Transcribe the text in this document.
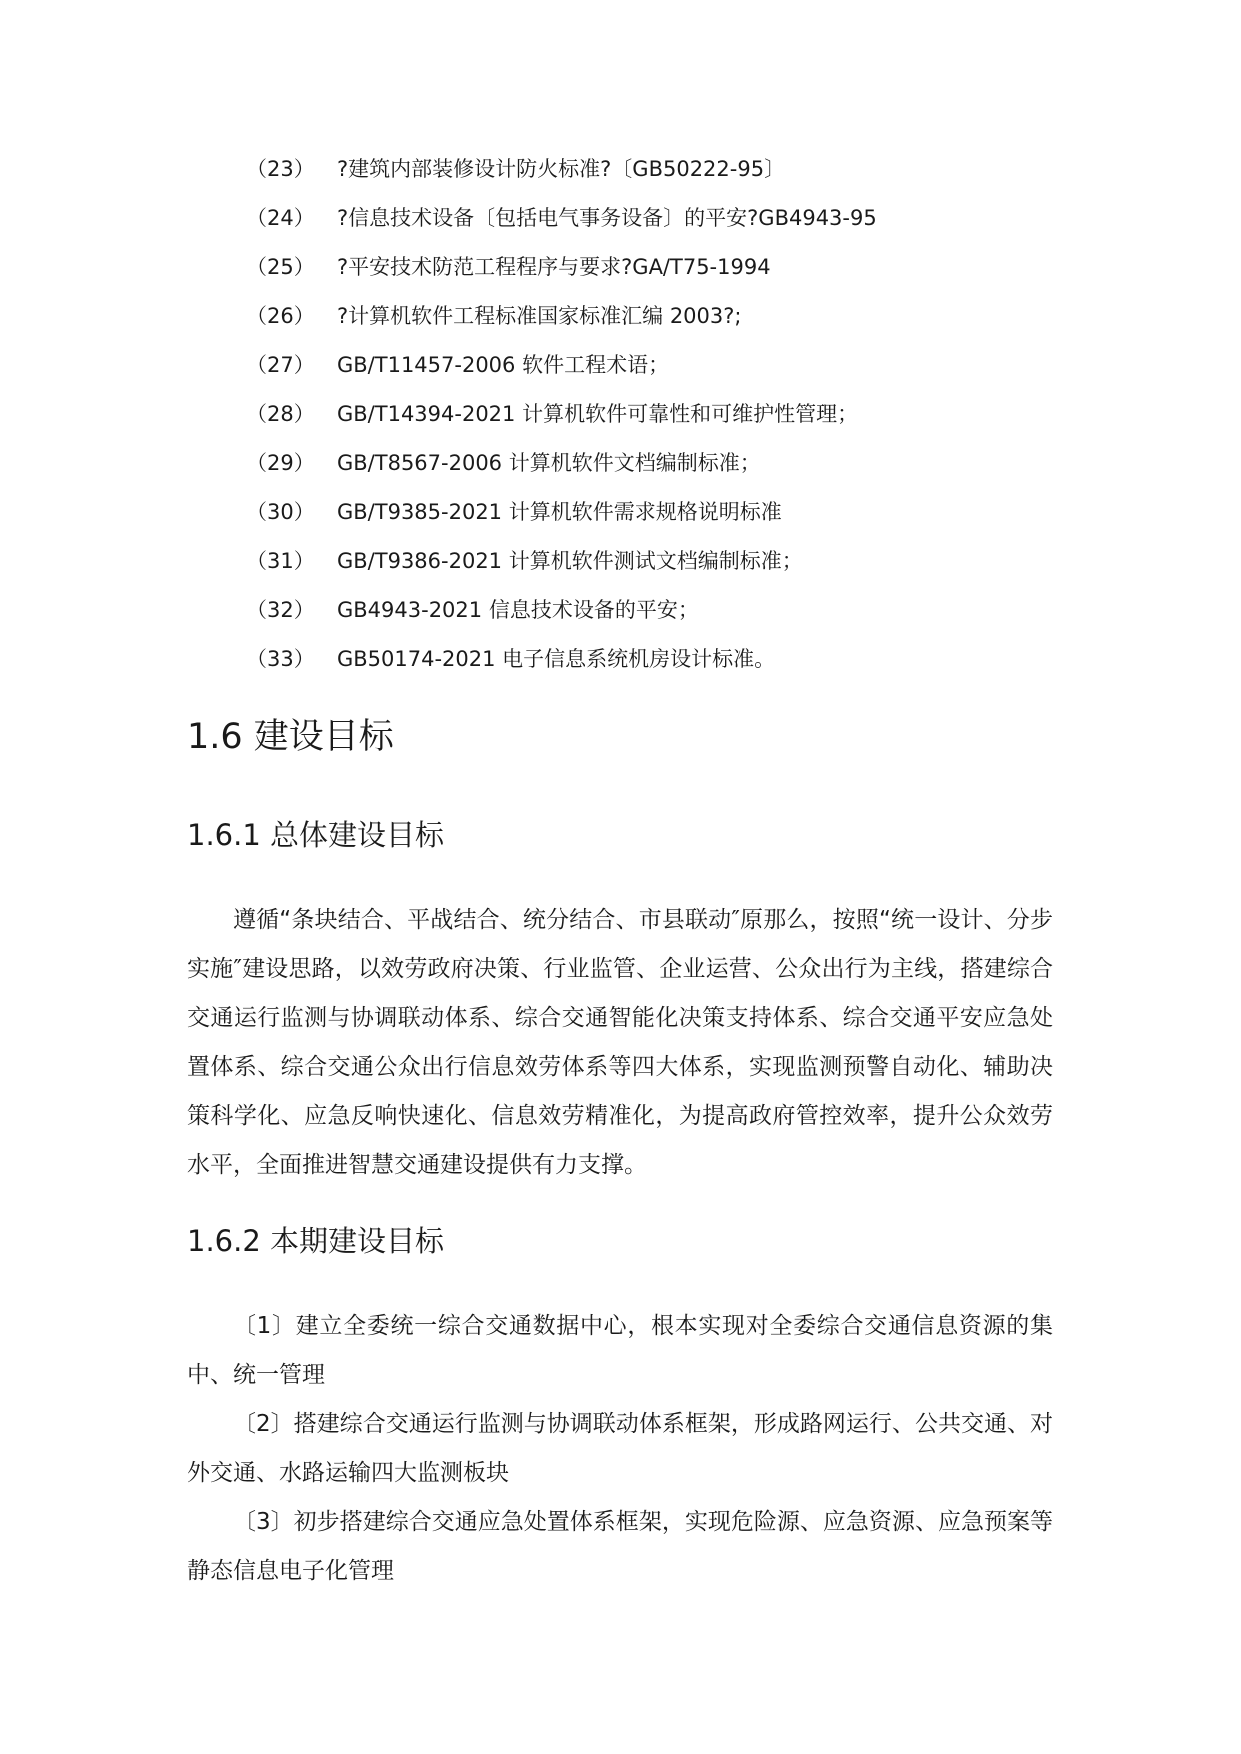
（23） ?建筑内部装修设计防火标准?〔GB50222-95〕
（24） ?信息技术设备〔包括电气事务设备〕的平安?GB4943-95
（25） ?平安技术防范工程程序与要求?GA/T75-1994
（26） ?计算机软件工程标准国家标准汇编 2003?;
（27） GB/T11457-2006 软件工程术语；
（28） GB/T14394-2021 计算机软件可靠性和可维护性管理；
（29） GB/T8567-2006 计算机软件文档编制标准；
（30） GB/T9385-2021 计算机软件需求规格说明标准
（31） GB/T9386-2021 计算机软件测试文档编制标准；
（32） GB4943-2021 信息技术设备的平安；
（33） GB50174-2021 电子信息系统机房设计标准。
1.6 建设目标
1.6.1 总体建设目标

遵循“条块结合、平战结合、统分结合、市县联动″原那么，按照“统一设计、分步实施″建设思路，以效劳政府决策、行业监管、企业运营、公众出行为主线，搭建综合交通运行监测与协调联动体系、综合交通智能化决策支持体系、综合交通平安应急处置体系、综合交通公众出行信息效劳体系等四大体系，实现监测预警自动化、辅助决策科学化、应急反响快速化、信息效劳精准化，为提高政府管控效率，提升公众效劳水平，全面推进智慧交通建设提供有力支撑。

1.6.2 本期建设目标
〔1〕建立全委统一综合交通数据中心，根本实现对全委综合交通信息资源的集中、统一管理
〔2〕搭建综合交通运行监测与协调联动体系框架，形成路网运行、公共交通、对外交通、水路运输四大监测板块
〔3〕初步搭建综合交通应急处置体系框架，实现危险源、应急资源、应急预案等静态信息电子化管理
